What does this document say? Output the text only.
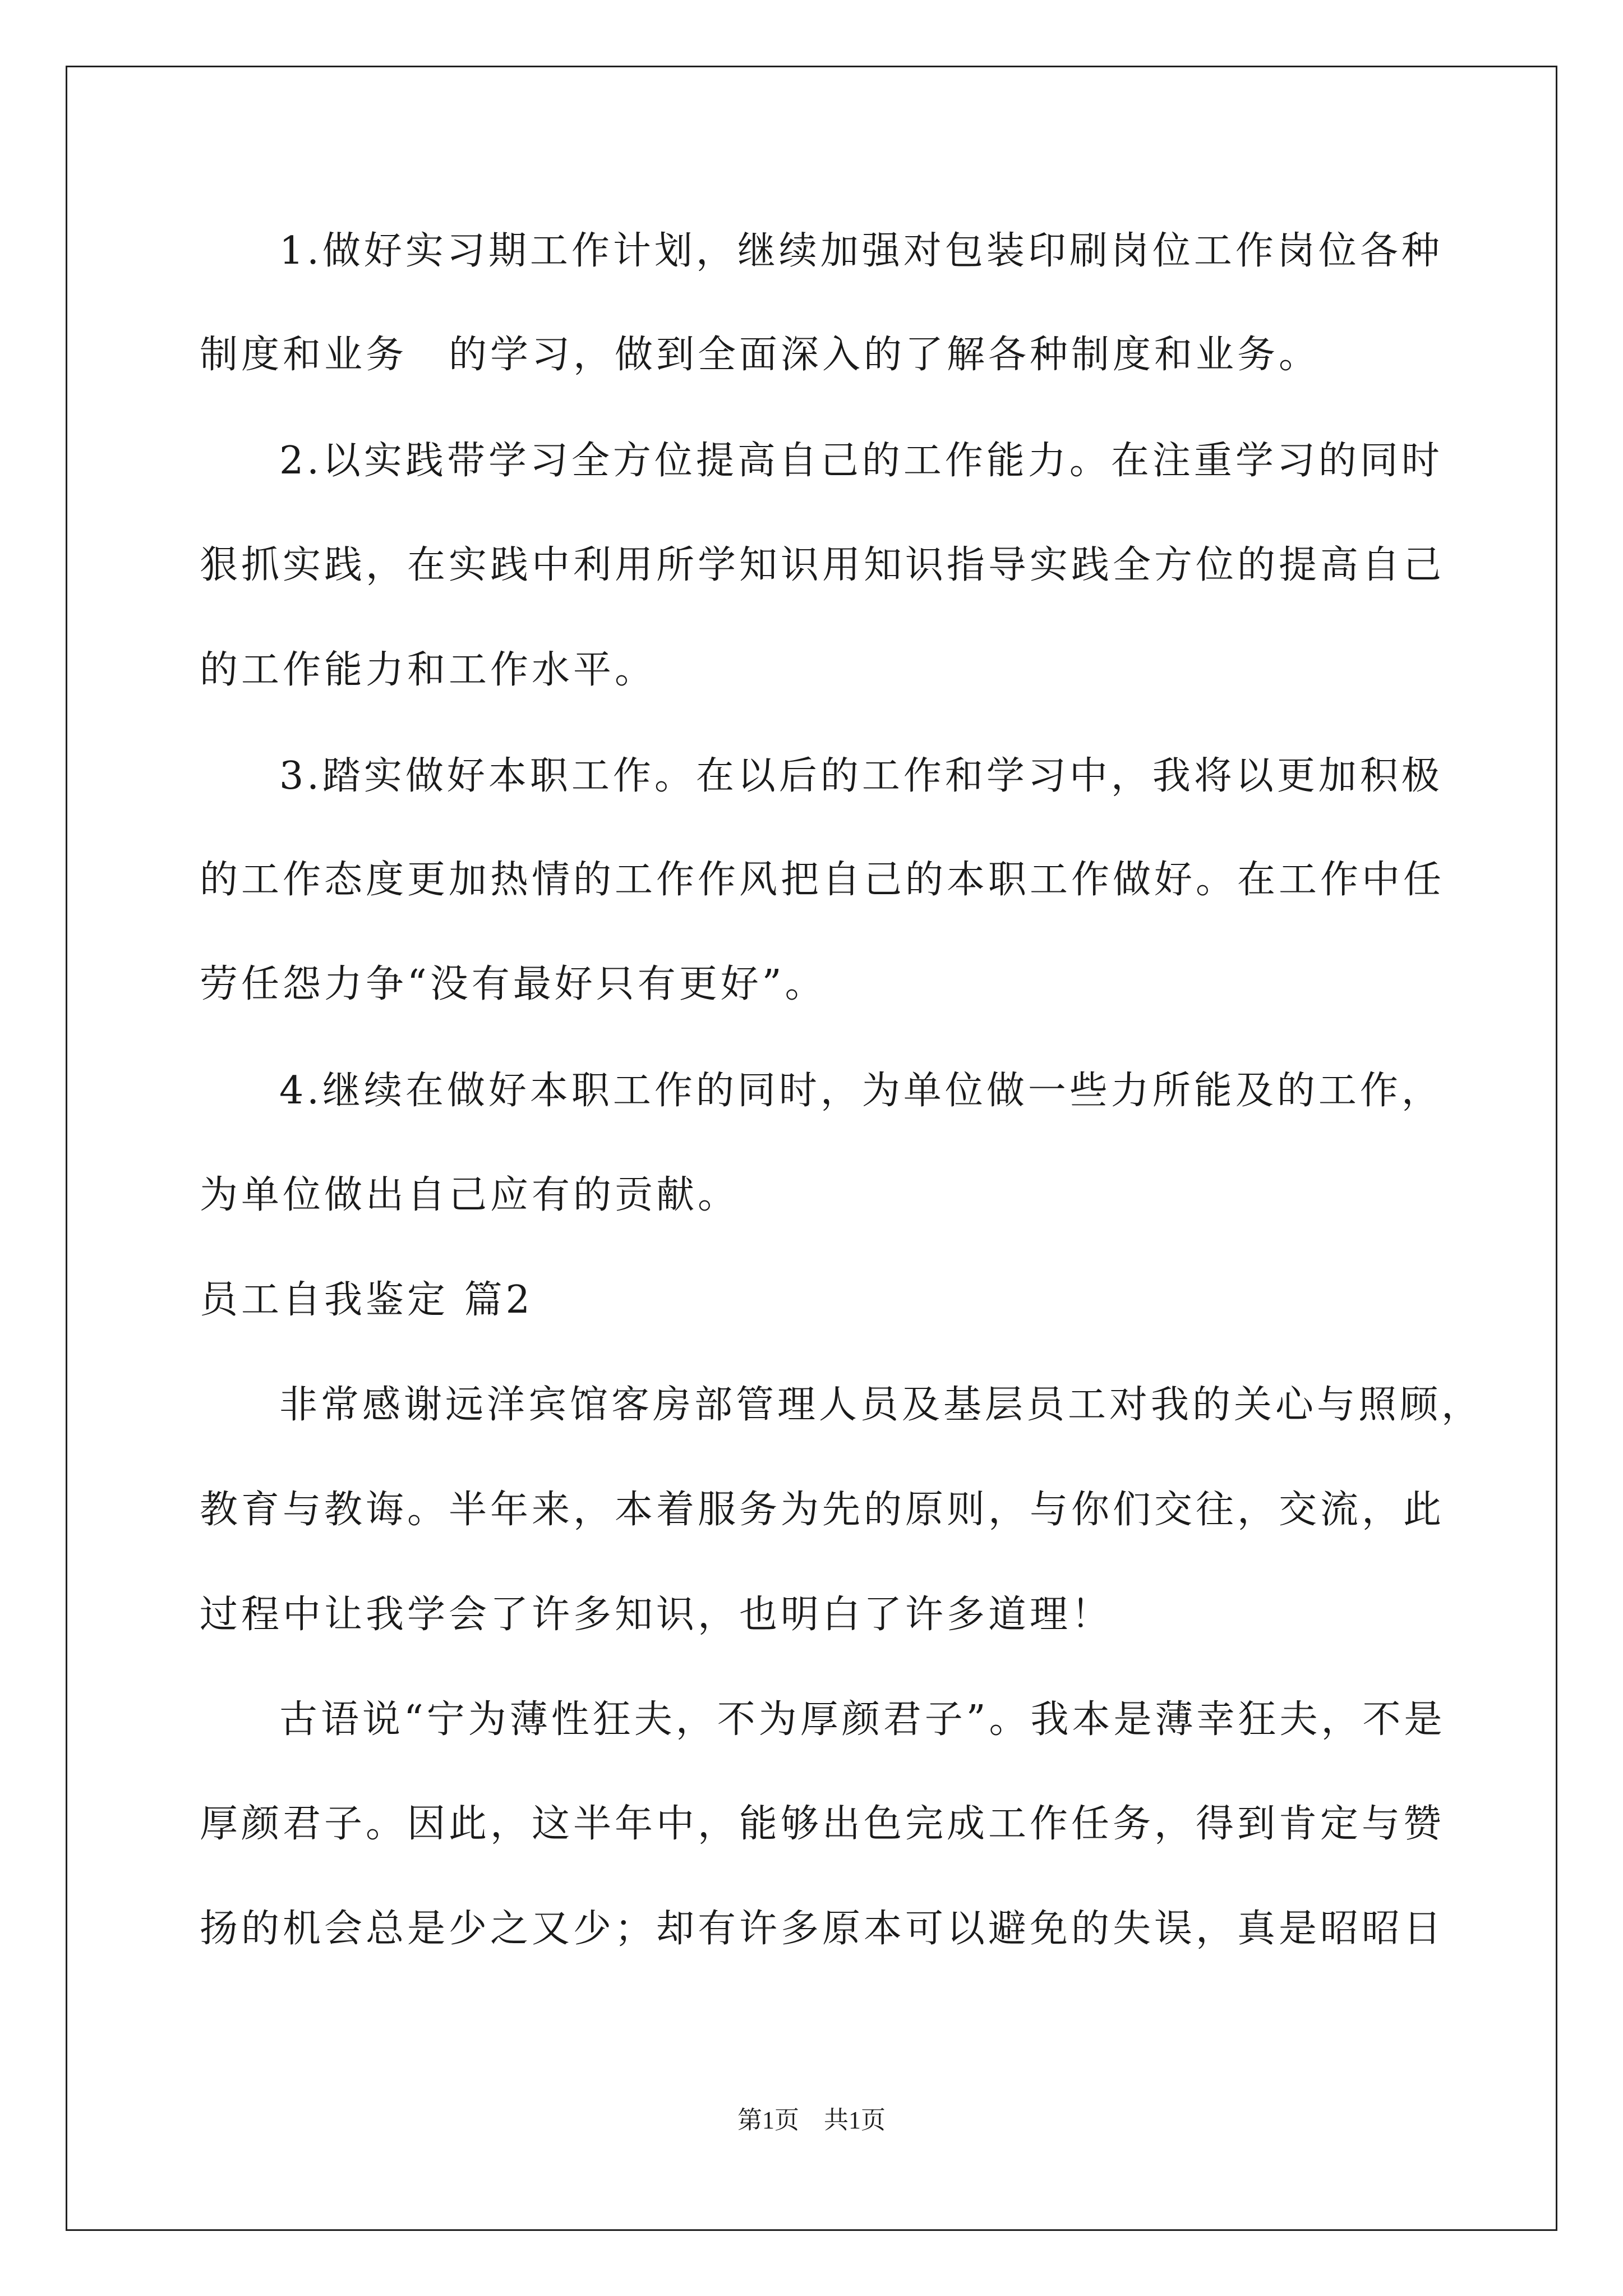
1.做好实习期工作计划，继续加强对包装印刷岗位工作岗位各种
制度和业务　的学习，做到全面深入的了解各种制度和业务。
2.以实践带学习全方位提高自己的工作能力。在注重学习的同时
狠抓实践，在实践中利用所学知识用知识指导实践全方位的提高自己
的工作能力和工作水平。
3.踏实做好本职工作。在以后的工作和学习中，我将以更加积极
的工作态度更加热情的工作作风把自己的本职工作做好。在工作中任
劳任怨力争“没有最好只有更好”。
4.继续在做好本职工作的同时，为单位做一些力所能及的工作，
为单位做出自己应有的贡献。
员工自我鉴定 篇2
非常感谢远洋宾馆客房部管理人员及基层员工对我的关心与照顾，
教育与教诲。半年来，本着服务为先的原则，与你们交往，交流，此
过程中让我学会了许多知识，也明白了许多道理！
古语说“宁为薄性狂夫，不为厚颜君子”。我本是薄幸狂夫，不是
厚颜君子。因此，这半年中，能够出色完成工作任务，得到肯定与赞
扬的机会总是少之又少；却有许多原本可以避免的失误，真是昭昭日
第1页　共1页
